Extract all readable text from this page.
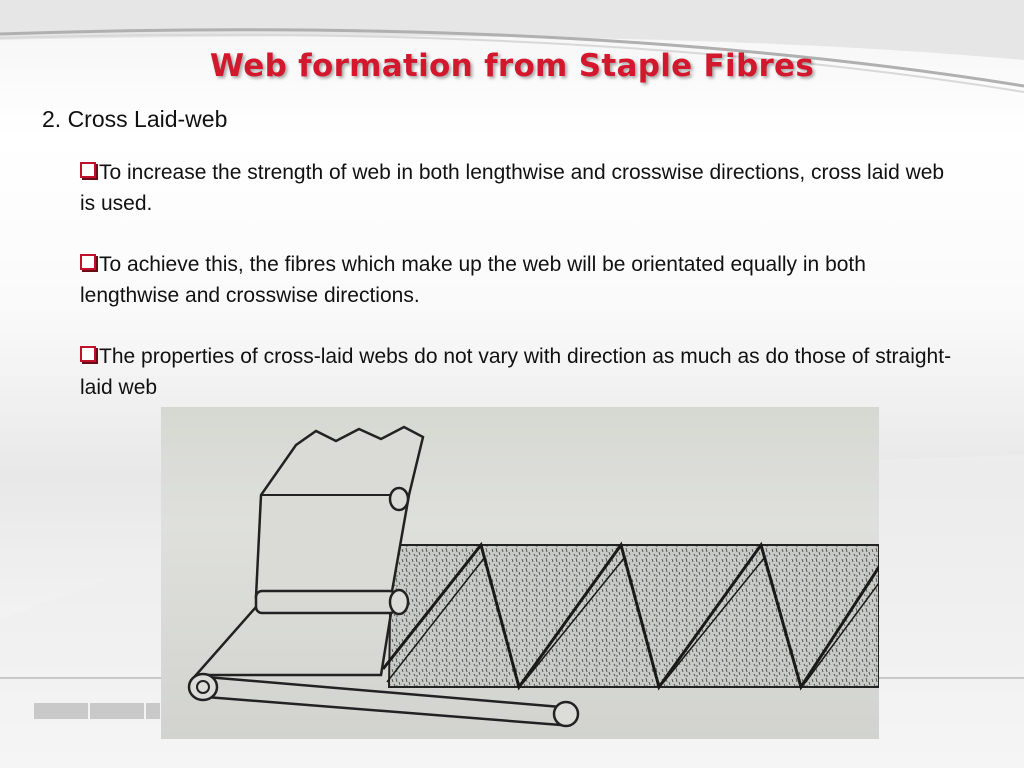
Web formation from Staple Fibres
2. Cross Laid-web

To increase the strength of web in both lengthwise and crosswise directions, cross laid web is used.

To achieve this, the fibres which make up the web will be orientated equally in both lengthwise and crosswise directions.

The properties of cross-laid webs do not vary with direction as much as do those of straight-laid web
